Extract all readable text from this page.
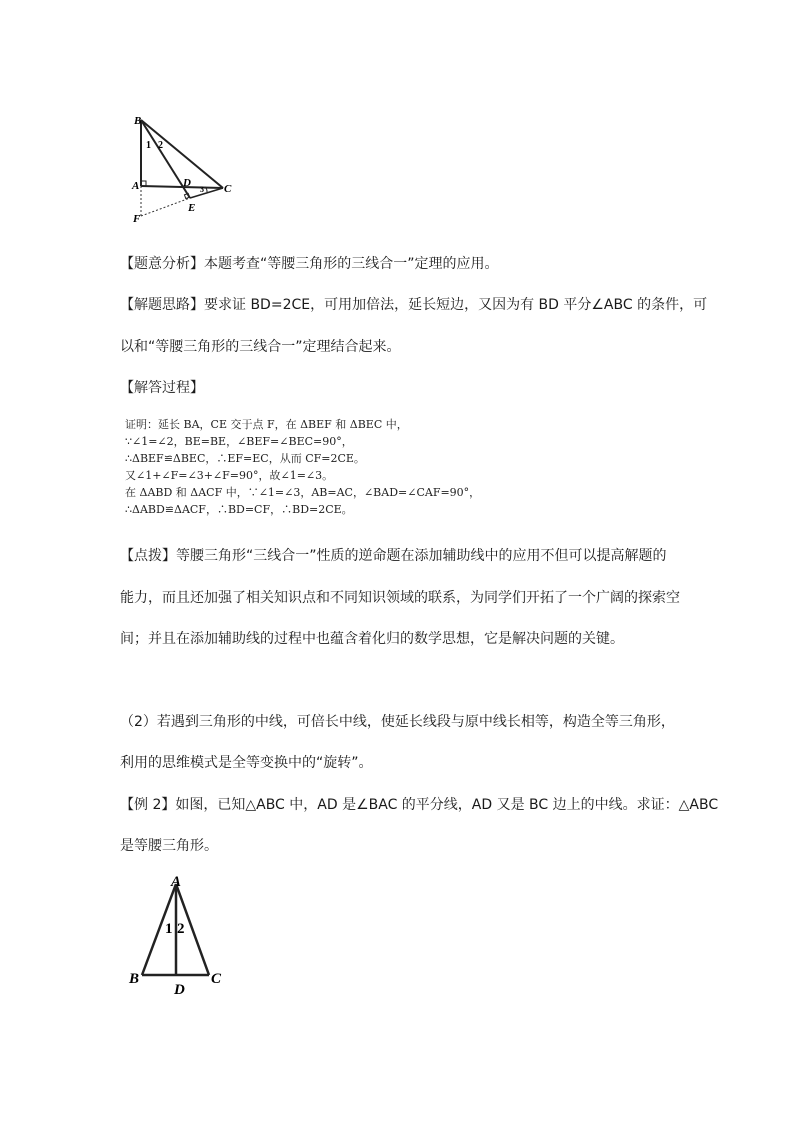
B
A
F
D
E
C
1 2
3
【题意分析】本题考查“等腰三角形的三线合一”定理的应用。
【解题思路】要求证 BD=2CE，可用加倍法，延长短边，又因为有 BD 平分∠ABC 的条件，可
以和“等腰三角形的三线合一”定理结合起来。
【解答过程】
证明：延长 BA，CE 交于点 F，在 ΔBEF 和 ΔBEC 中，
∵∠1=∠2，BE=BE，∠BEF=∠BEC=90°，
∴ΔBEF≌ΔBEC，∴EF=EC，从而 CF=2CE。
又∠1+∠F=∠3+∠F=90°，故∠1=∠3。
在 ΔABD 和 ΔACF 中，∵∠1=∠3，AB=AC，∠BAD=∠CAF=90°，
∴ΔABD≌ΔACF，∴BD=CF，∴BD=2CE。
【点拨】等腰三角形“三线合一”性质的逆命题在添加辅助线中的应用不但可以提高解题的
能力，而且还加强了相关知识点和不同知识领域的联系，为同学们开拓了一个广阔的探索空
间；并且在添加辅助线的过程中也蕴含着化归的数学思想，它是解决问题的关键。
（2）若遇到三角形的中线，可倍长中线，使延长线段与原中线长相等，构造全等三角形，
利用的思维模式是全等变换中的“旋转”。
【例 2】如图，已知△ABC 中，AD 是∠BAC 的平分线，AD 又是 BC 边上的中线。求证：△ABC
是等腰三角形。
A
B	C
D
1 2
